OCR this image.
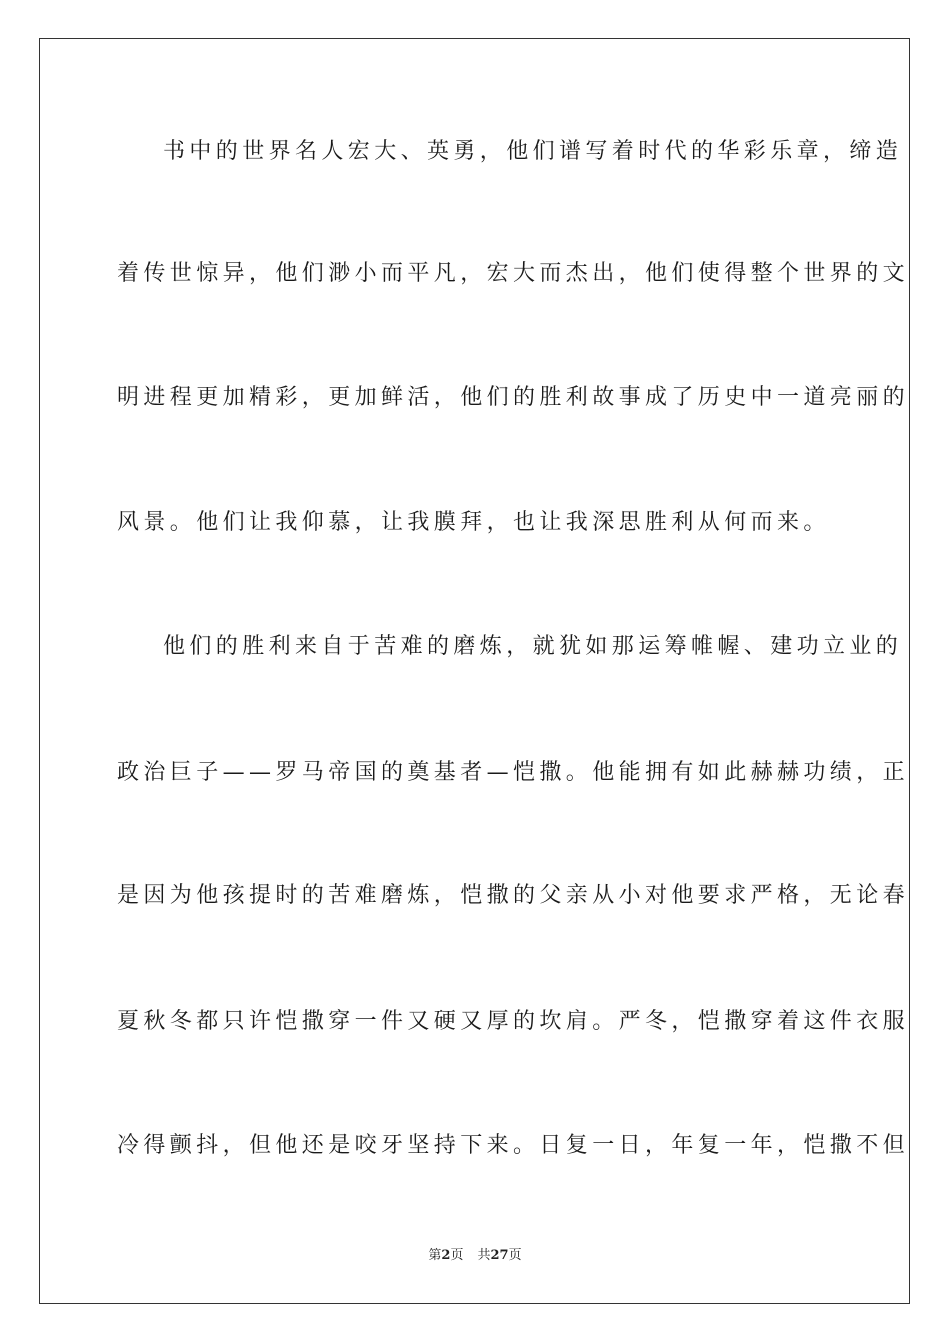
书中的世界名人宏大、英勇，他们谱写着时代的华彩乐章，缔造
着传世惊异，他们渺小而平凡，宏大而杰出，他们使得整个世界的文
明进程更加精彩，更加鲜活，他们的胜利故事成了历史中一道亮丽的
风景。他们让我仰慕，让我膜拜，也让我深思胜利从何而来。
他们的胜利来自于苦难的磨炼，就犹如那运筹帷幄、建功立业的
政治巨子——罗马帝国的奠基者—恺撒。他能拥有如此赫赫功绩，正
是因为他孩提时的苦难磨炼，恺撒的父亲从小对他要求严格，无论春
夏秋冬都只许恺撒穿一件又硬又厚的坎肩。严冬，恺撒穿着这件衣服
冷得颤抖，但他还是咬牙坚持下来。日复一日，年复一年，恺撒不但
第2页 共27页
